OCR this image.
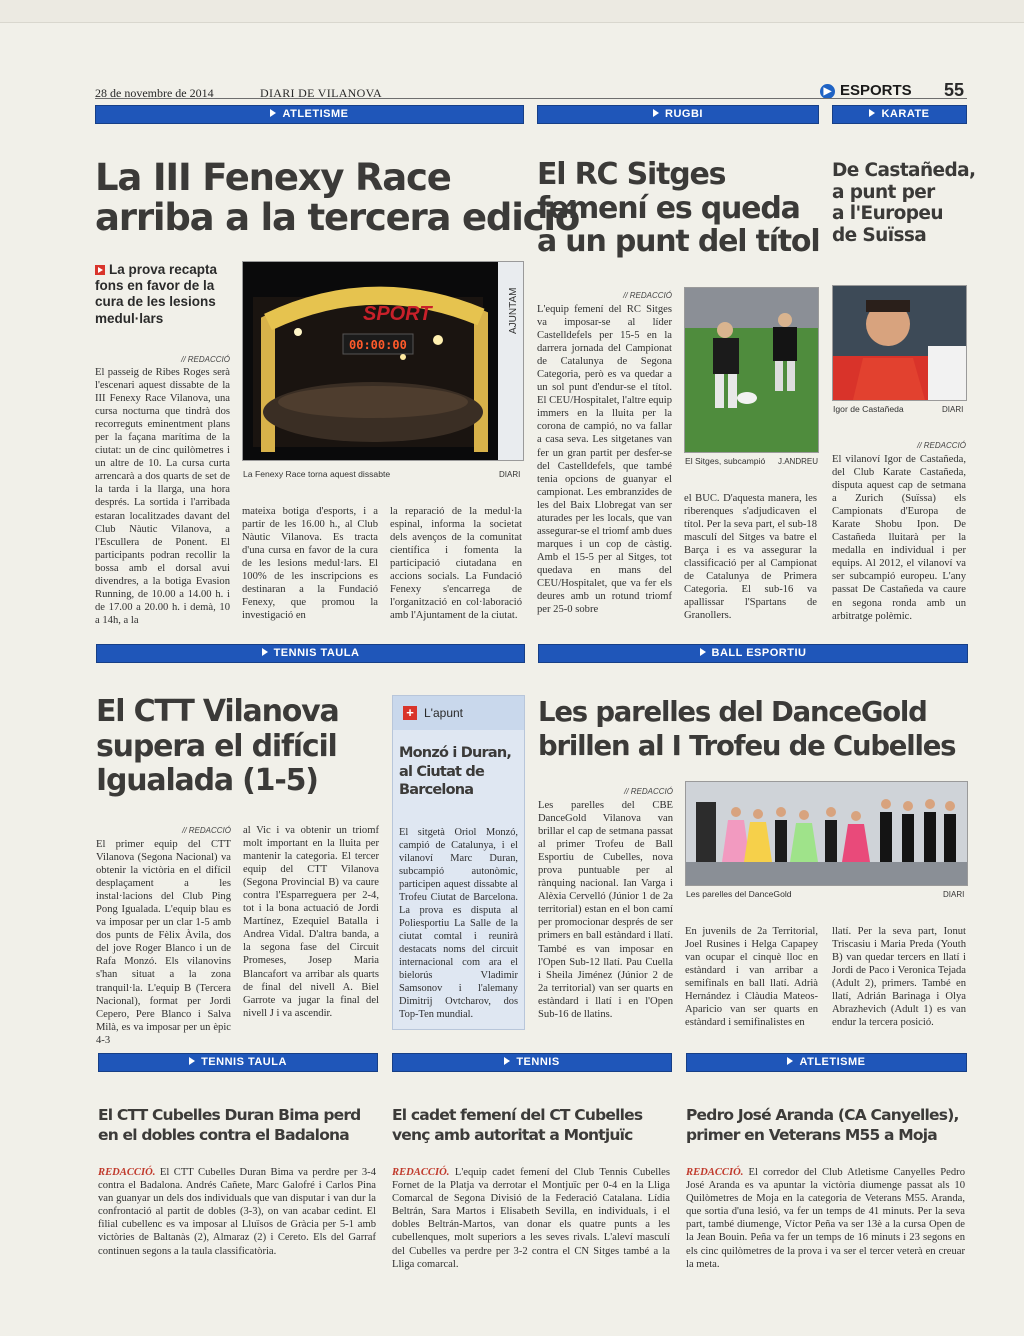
28 de novembre de 2014	DIARI DE VILANOVA	▶ ESPORTS 55
ATLETISME	RUGBI	KARATE
La III Fenexy Race
arriba a la tercera edició
La prova recapta fons en favor de la cura de les lesions medul·lars	SPORT
00:00:00
AJUNTAM
La Fenexy Race torna aquest dissabte	DIARI
// REDACCIÓ
El passeig de Ribes Roges serà l'escenari aquest dissabte de la III Fenexy Race Vilanova, una cursa nocturna que tindrà dos recorreguts eminentment plans per la façana marítima de la ciutat: un de cinc quilòmetres i un altre de 10. La cursa curta arrencarà a dos quarts de set de la tarda i la llarga, una hora després. La sortida i l'arribada estaran localitzades davant del Club Nàutic Vilanova, a l'Escullera de Ponent. El participants podran recollir la bossa amb el dorsal avui divendres, a la botiga Evasion Running, de 10.00 a 14.00 h. i de 17.00 a 20.00 h. i demà, 10 a 14h, a la
mateixa botiga d'esports, i a partir de les 16.00 h., al Club Nàutic Vilanova. Es tracta d'una cursa en favor de la cura de les lesions medul·lars. El 100% de les inscripcions es destinaran a la Fundació Fenexy, que promou la investigació en
la reparació de la medul·la espinal, informa la societat dels avenços de la comunitat científica i fomenta la participació ciutadana en accions socials. La Fundació Fenexy s'encarrega de l'organització en col·laboració amb l'Ajuntament de la ciutat.
El RC Sitges
femení es queda
a un punt del títol
// REDACCIÓ
L'equip femení del RC Sitges va imposar-se al líder Castelldefels per 15-5 en la darrera jornada del Campionat de Catalunya de Segona Categoria, però es va quedar a un sol punt d'endur-se el títol. El CEU/Hospitalet, l'altre equip immers en la lluita per la corona de campió, no va fallar a casa seva. Les sitgetanes van fer un gran partit per desfer-se del Castelldefels, que també tenia opcions de guanyar el campionat. Les embranzides de les del Baix Llobregat van ser aturades per les locals, que van assegurar-se el triomf amb dues marques i un cop de càstig. Amb el 15-5 per al Sitges, tot quedava en mans del CEU/Hospitalet, que va fer els deures amb un rotund triomf per 25-0 sobre
El Sitges, subcampió J.ANDREU
el BUC. D'aquesta manera, les riberenques s'adjudicaven el títol. Per la seva part, el sub-18 masculí del Sitges va batre el Barça i es va assegurar la classificació per al Campionat de Catalunya de Primera Categoria. El sub-16 va apallissar l'Spartans de Granollers.
De Castañeda,
a punt per
a l'Europeu
de Suïssa
Igor de Castañeda	DIARI
// REDACCIÓ
El vilanoví Igor de Castañeda, del Club Karate Castañeda, disputa aquest cap de setmana a Zurich (Suïssa) els Campionats d'Europa de Karate Shobu Ipon. De Castañeda lluitarà per la medalla en individual i per equips. Al 2012, el vilanoví va ser subcampió europeu. L'any passat De Castañeda va caure en segona ronda amb un arbitratge polèmic.
TENNIS TAULA	BALL ESPORTIU
El CTT Vilanova
supera el difícil
Igualada (1-5)
// REDACCIÓ
El primer equip del CTT Vilanova (Segona Nacional) va obtenir la victòria en el difícil desplaçament a les instal·lacions del Club Ping Pong Igualada. L'equip blau es va imposar per un clar 1-5 amb dos punts de Fèlix Àvila, dos del jove Roger Blanco i un de Rafa Monzó. Els vilanovins s'han situat a la zona tranquil·la. L'equip B (Tercera Nacional), format per Jordi Cepero, Pere Blanco i Salva Milà, es va imposar per un èpic 4-3
al Vic i va obtenir un triomf molt important en la lluita per mantenir la categoria. El tercer equip del CTT Vilanova (Segona Provincial B) va caure contra l'Esparreguera per 2-4, tot i la bona actuació de Jordi Martínez, Ezequiel Batalla i Andrea Vidal. D'altra banda, a la segona fase del Circuit Promeses, Josep Maria Blancafort va arribar als quarts de final del nivell A. Biel Garrote va jugar la final del nivell J i va ascendir.
+ L'apunt
Monzó i Duran,
al Ciutat de
Barcelona
El sitgetà Oriol Monzó, campió de Catalunya, i el vilanoví Marc Duran, subcampió autonòmic, participen aquest dissabte al Trofeu Ciutat de Barcelona. La prova es disputa al Poliesportiu La Salle de la ciutat comtal i reunirà destacats noms del circuit internacional com ara el bielorús Vladimir Samsonov i l'alemany Dimitrij Ovtcharov, dos Top-Ten mundial.
Les parelles del DanceGold
brillen al I Trofeu de Cubelles
// REDACCIÓ
Les parelles del CBE DanceGold Vilanova van brillar el cap de setmana passat al primer Trofeu de Ball Esportiu de Cubelles, nova prova puntuable per al rànquing nacional. Ian Varga i Alèxia Cervelló (Júnior 1 de 2a territorial) estan en el bon camí per promocionar després de ser primers en ball estàndard i llatí. També es van imposar en l'Open Sub-12 llatí. Pau Cuella i Sheila Jiménez (Júnior 2 de 2a territorial) van ser quarts en estàndard i llatí i en l'Open Sub-16 de llatins.
Les parelles del DanceGold	DIARI
En juvenils de 2a Territorial, Joel Rusines i Helga Capapey van ocupar el cinquè lloc en estàndard i van arribar a semifinals en ball llatí. Adrià Hernández i Clàudia Mateos-Aparicio van ser quarts en estàndard i semifinalistes en
llatí. Per la seva part, Ionut Triscasiu i Maria Preda (Youth B) van quedar tercers en llatí i Jordi de Paco i Veronica Tejada (Adult 2), primers. També en llatí, Adrián Barinaga i Olya Abrazhevich (Adult 1) es van endur la tercera posició.
TENNIS TAULA	TENNIS	ATLETISME
El CTT Cubelles Duran Bima perd
en el dobles contra el Badalona
REDACCIÓ. El CTT Cubelles Duran Bima va perdre per 3-4 contra el Badalona. Andrés Cañete, Marc Galofré i Carlos Pina van guanyar un dels dos individuals que van disputar i van dur la confrontació al partit de dobles (3-3), on van acabar cedint. El filial cubellenc es va imposar al Lluïsos de Gràcia per 5-1 amb victòries de Baltanàs (2), Almaraz (2) i Cereto. Els del Garraf continuen segons a la taula classificatòria.
El cadet femení del CT Cubelles
venç amb autoritat a Montjuïc
REDACCIÓ. L'equip cadet femení del Club Tennis Cubelles Fornet de la Platja va derrotar el Montjuïc per 0-4 en la Lliga Comarcal de Segona Divisió de la Federació Catalana. Lídia Beltrán, Sara Martos i Elisabeth Sevilla, en individuals, i el dobles Beltrán-Martos, van donar els quatre punts a les cubellenques, molt superiors a les seves rivals. L'aleví masculí del Cubelles va perdre per 3-2 contra el CN Sitges també a la Lliga comarcal.
Pedro José Aranda (CA Canyelles),
primer en Veterans M55 a Moja
REDACCIÓ. El corredor del Club Atletisme Canyelles Pedro José Aranda es va apuntar la victòria diumenge passat als 10 Quilòmetres de Moja en la categoria de Veterans M55. Aranda, que sortia d'una lesió, va fer un temps de 41 minuts. Per la seva part, també diumenge, Víctor Peña va ser 13è a la cursa Open de la Jean Bouin. Peña va fer un temps de 16 minuts i 23 segons en els cinc quilòmetres de la prova i va ser el tercer veterà en creuar la meta.
